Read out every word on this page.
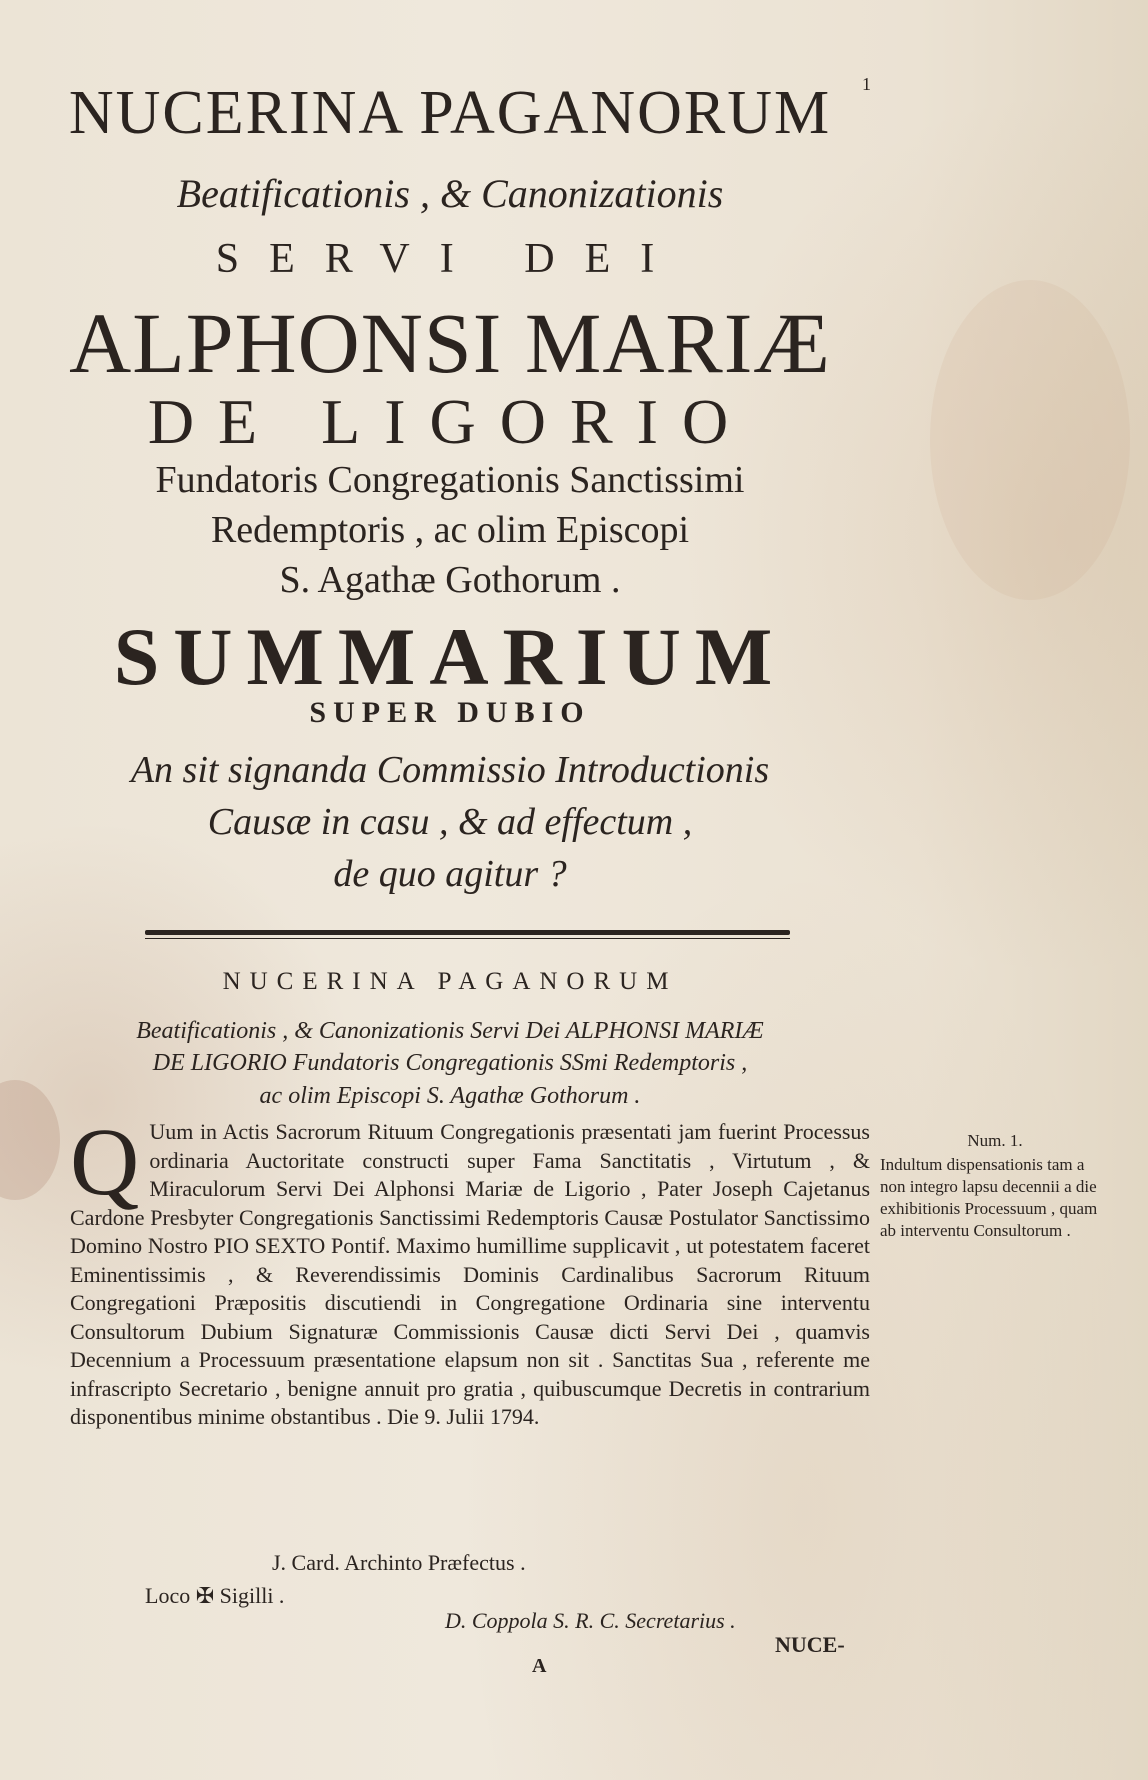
NUCERINA PAGANORUM	1
Beatificationis , & Canonizationis
SERVI DEI
ALPHONSI MARIÆ
DE LIGORIO
Fundatoris Congregationis Sanctissimi
Redemptoris , ac olim Episcopi
S. Agathæ Gothorum .
SUMMARIUM
SUPER DUBIO
An sit signanda Commissio Introductionis
Causæ in casu , & ad effectum ,
de quo agitur ?
NUCERINA PAGANORUM
Beatificationis , & Canonizationis Servi Dei ALPHONSI MARIÆ
DE LIGORIO Fundatoris Congregationis SSmi Redemptoris ,
ac olim Episcopi S. Agathæ Gothorum .
Q Uum in Actis Sacrorum Rituum Congregationis præsentati jam fuerint Processus ordinaria Auctoritate constructi super Fama Sanctitatis , Virtutum , & Miraculorum Servi Dei Alphonsi Mariæ de Ligorio , Pater Joseph Cajetanus Cardone Presbyter Congregationis Sanctissimi Redemptoris Causæ Postulator Sanctissimo Domino Nostro PIO SEXTO Pontif. Maximo humillime supplicavit , ut potestatem faceret Eminentissimis , & Reverendissimis Dominis Cardinalibus Sacrorum Rituum Congregationi Præpositis discutiendi in Congregatione Ordinaria sine interventu Consultorum Dubium Signaturæ Commissionis Causæ dicti Servi Dei , quamvis Decennium a Processuum præsentatione elapsum non sit . Sanctitas Sua , referente me infrascripto Secretario , benigne annuit pro gratia , quibuscumque Decretis in contrarium disponentibus minime obstantibus . Die 9. Julii 1794.
Num. 1.
Indultum dispensationis tam a non integro lapsu decennii a die exhibitionis Processuum , quam ab interventu Consultorum .
J. Card. Archinto Præfectus .
Loco ✠ Sigilli .
D. Coppola S. R. C. Secretarius .
NUCE-
A
